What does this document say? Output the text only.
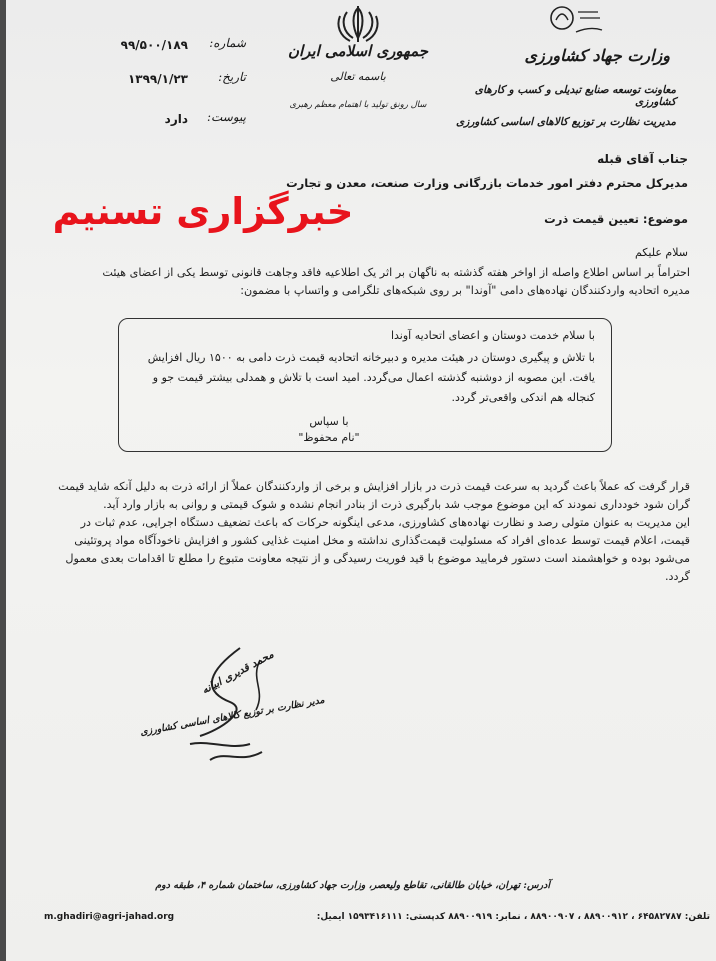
جمهوری اسلامی ایران
باسمه تعالی
سال رونق تولید با اهتمام معظم رهبری
وزارت جهاد کشاورزی
معاونت توسعه صنایع تبدیلی و کسب و کارهای کشاورزی
مدیریت نظارت بر توزیع کالاهای اساسی کشاورزی
شماره:
۹۹/۵۰۰/۱۸۹
تاریخ:
۱۳۹۹/۱/۲۳
پیوست:
دارد
جناب آقای قبله
مدیرکل محترم دفتر امور خدمات بازرگانی وزارت صنعت، معدن و تجارت
موضوع: تعیین قیمت ذرت
خبرگزاری تسنیم
سلام علیکم
احتراماً بر اساس اطلاع واصله از اواخر هفته گذشته به ناگهان بر اثر یک اطلاعیه فاقد وجاهت قانونی توسط یکی از اعضای هیئت
مدیره اتحادیه واردکنندگان نهاده‌های دامی "آوندا" بر روی شبکه‌های تلگرامی و واتساپ با مضمون:
با سلام خدمت دوستان و اعضای اتحادیه آوندا
با تلاش و پیگیری دوستان در هیئت مدیره و دبیرخانه اتحادیه قیمت ذرت دامی به ۱۵۰۰ ریال افزایش
یافت. این مصوبه از دوشنبه گذشته اعمال می‌گردد. امید است با تلاش و همدلی بیشتر قیمت جو و
کنجاله هم اندکی واقعی‌تر گردد.
با سپاس
"نام محفوظ"
قرار گرفت که عملاً باعث گردید به سرعت قیمت ذرت در بازار افزایش و برخی از واردکنندگان عملاً از ارائه ذرت به دلیل آنکه شاید قیمت
گران شود خودداری نمودند که این موضوع موجب شد بارگیری ذرت از بنادر انجام نشده و شوک قیمتی و روانی به بازار وارد آید.
این مدیریت به عنوان متولی رصد و نظارت نهاده‌های کشاورزی، مدعی اینگونه حرکات که باعث تضعیف دستگاه اجرایی، عدم ثبات در
قیمت، اعلام قیمت توسط عده‌ای افراد که مسئولیت قیمت‌گذاری نداشته و مخل امنیت غذایی کشور و افزایش ناخودآگاه مواد پروتئینی
می‌شود بوده و خواهشمند است دستور فرمایید موضوع با قید فوریت رسیدگی و از نتیجه معاونت متبوع را مطلع تا اقدامات بعدی معمول
گردد.
محمد قدیری ابیانه
مدیر نظارت بر توزیع کالاهای اساسی کشاورزی
آدرس: تهران، خیابان طالقانی، تقاطع ولیعصر، وزارت جهاد کشاورزی، ساختمان شماره ۴، طبقه دوم
تلفن: ۶۴۵۸۲۷۸۷ ، ۸۸۹۰۰۹۱۲ ، ۸۸۹۰۰۹۰۷ ، نمابر: ۸۸۹۰۰۹۱۹ کدپستی: ۱۵۹۳۴۱۶۱۱۱ ایمیل:
m.ghadiri@agri-jahad.org
